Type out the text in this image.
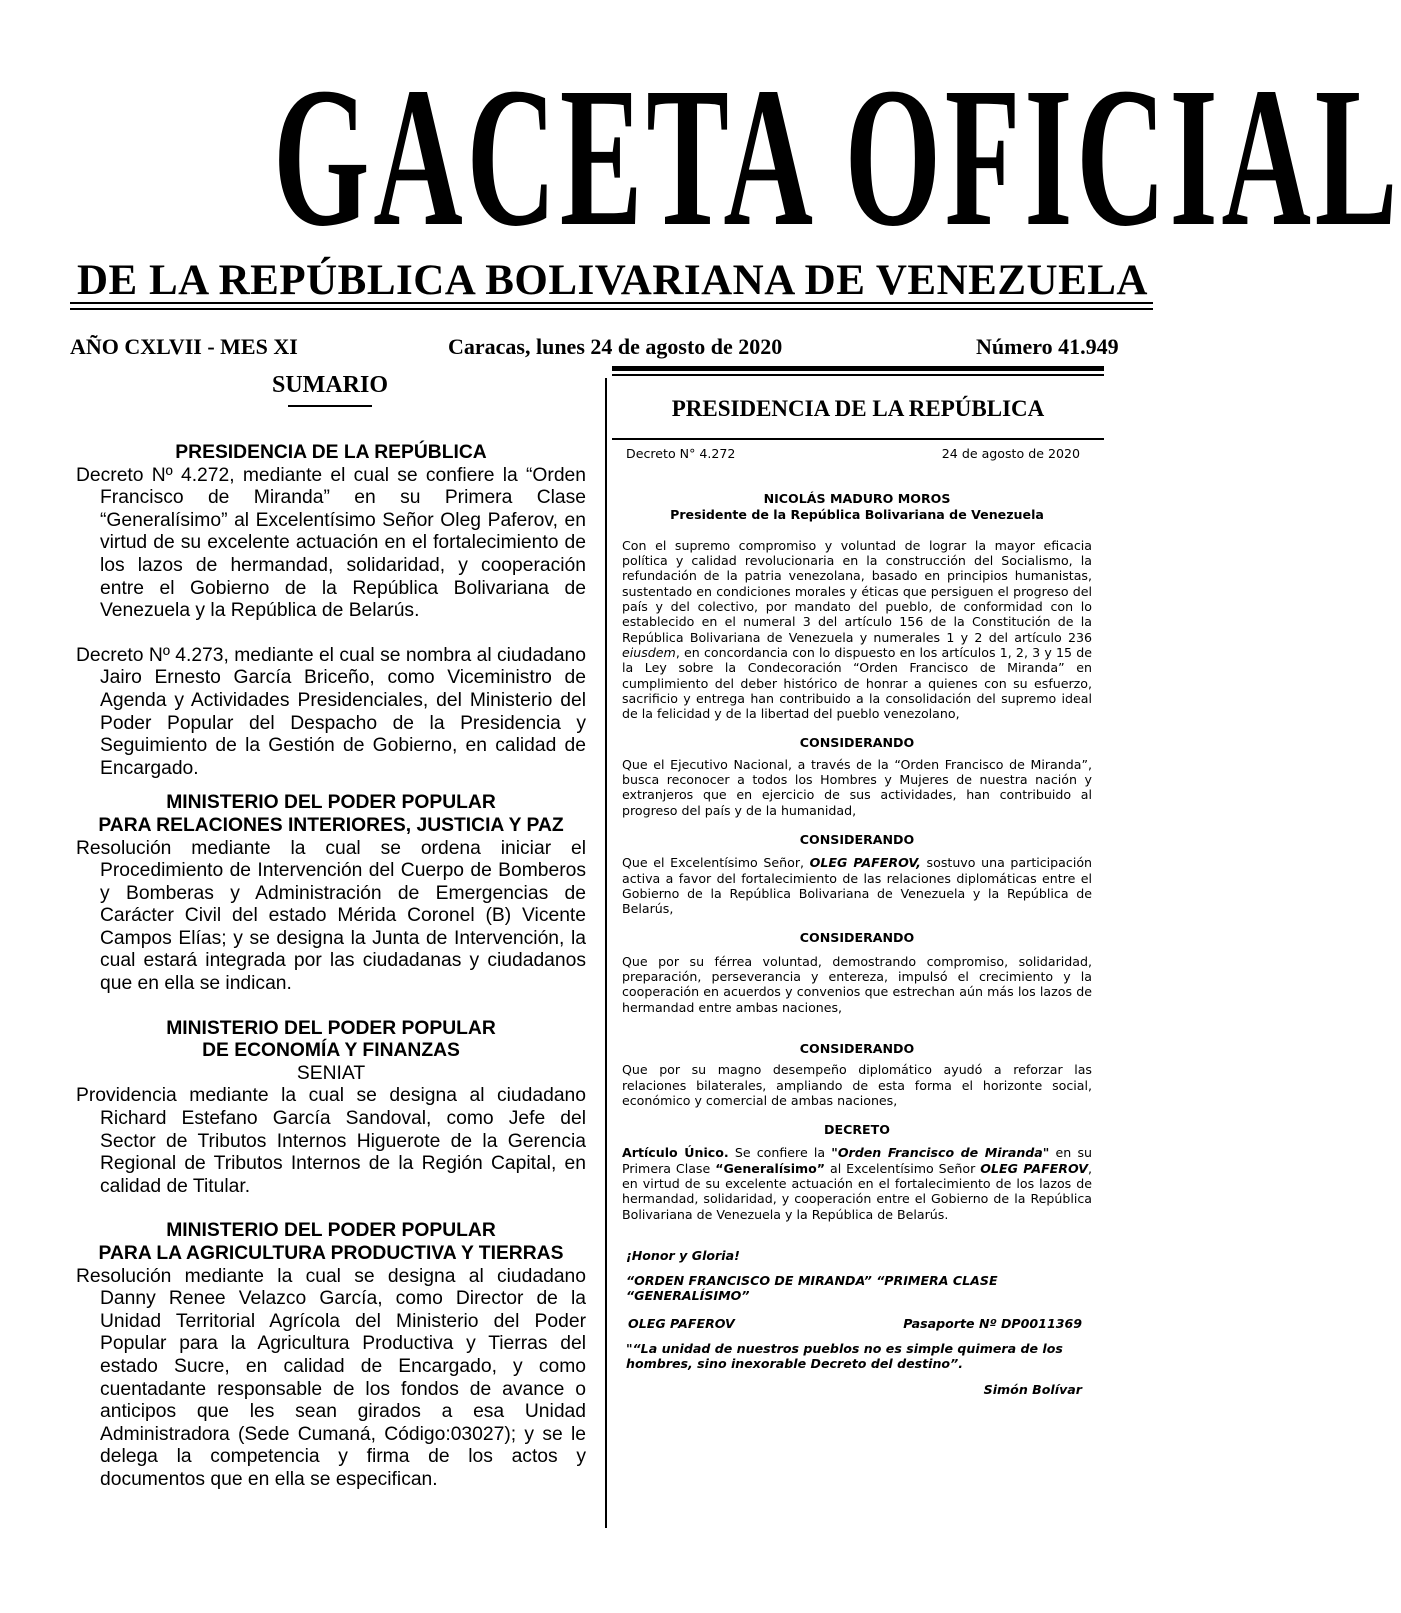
GACETA OFICIAL
DE LA REPÚBLICA BOLIVARIANA DE VENEZUELA
AÑO CXLVII - MES XI	Caracas, lunes 24 de agosto de 2020	Número 41.949
SUMARIO
PRESIDENCIA DE LA REPÚBLICA

Decreto Nº 4.272, mediante el cual se confiere la “Orden Francisco de Miranda” en su Primera Clase “Generalísimo” al Excelentísimo Señor Oleg Paferov, en virtud de su excelente actuación en el fortalecimiento de los lazos de hermandad, solidaridad, y cooperación entre el Gobierno de la República Bolivariana de Venezuela y la República de Belarús.

Decreto Nº 4.273, mediante el cual se nombra al ciudadano Jairo Ernesto García Briceño, como Viceministro de Agenda y Actividades Presidenciales, del Ministerio del Poder Popular del Despacho de la Presidencia y Seguimiento de la Gestión de Gobierno, en calidad de Encargado.

MINISTERIO DEL PODER POPULAR
PARA RELACIONES INTERIORES, JUSTICIA Y PAZ

Resolución mediante la cual se ordena iniciar el Procedimiento de Intervención del Cuerpo de Bomberos y Bomberas y Administración de Emergencias de Carácter Civil del estado Mérida Coronel (B) Vicente Campos Elías; y se designa la Junta de Intervención, la cual estará integrada por las ciudadanas y ciudadanos que en ella se indican.

MINISTERIO DEL PODER POPULAR
DE ECONOMÍA Y FINANZAS
SENIAT

Providencia mediante la cual se designa al ciudadano Richard Estefano García Sandoval, como Jefe del Sector de Tributos Internos Higuerote de la Gerencia Regional de Tributos Internos de la Región Capital, en calidad de Titular.

MINISTERIO DEL PODER POPULAR
PARA LA AGRICULTURA PRODUCTIVA Y TIERRAS

Resolución mediante la cual se designa al ciudadano Danny Renee Velazco García, como Director de la Unidad Territorial Agrícola del Ministerio del Poder Popular para la Agricultura Productiva y Tierras del estado Sucre, en calidad de Encargado, y como cuentadante responsable de los fondos de avance o anticipos que les sean girados a esa Unidad Administradora (Sede Cumaná, Código:03027); y se le delega la competencia y firma de los actos y documentos que en ella se especifican.

PRESIDENCIA DE LA REPÚBLICA
Decreto N° 4.272	24 de agosto de 2020
NICOLÁS MADURO MOROS
Presidente de la República Bolivariana de Venezuela

Con el supremo compromiso y voluntad de lograr la mayor eficacia política y calidad revolucionaria en la construcción del Socialismo, la refundación de la patria venezolana, basado en principios humanistas, sustentado en condiciones morales y éticas que persiguen el progreso del país y del colectivo, por mandato del pueblo, de conformidad con lo establecido en el numeral 3 del artículo 156 de la Constitución de la República Bolivariana de Venezuela y numerales 1 y 2 del artículo 236 eiusdem, en concordancia con lo dispuesto en los artículos 1, 2, 3 y 15 de la Ley sobre la Condecoración “Orden Francisco de Miranda” en cumplimiento del deber histórico de honrar a quienes con su esfuerzo, sacrificio y entrega han contribuido a la consolidación del supremo ideal de la felicidad y de la libertad del pueblo venezolano,

CONSIDERANDO

Que el Ejecutivo Nacional, a través de la “Orden Francisco de Miranda”, busca reconocer a todos los Hombres y Mujeres de nuestra nación y extranjeros que en ejercicio de sus actividades, han contribuido al progreso del país y de la humanidad,

CONSIDERANDO

Que el Excelentísimo Señor, OLEG PAFEROV, sostuvo una participación activa a favor del fortalecimiento de las relaciones diplomáticas entre el Gobierno de la República Bolivariana de Venezuela y la República de Belarús,

CONSIDERANDO

Que por su férrea voluntad, demostrando compromiso, solidaridad, preparación, perseverancia y entereza, impulsó el crecimiento y la cooperación en acuerdos y convenios que estrechan aún más los lazos de hermandad entre ambas naciones,

CONSIDERANDO

Que por su magno desempeño diplomático ayudó a reforzar las relaciones bilaterales, ampliando de esta forma el horizonte social, económico y comercial de ambas naciones,

DECRETO

Artículo Único. Se confiere la "Orden Francisco de Miranda" en su Primera Clase “Generalísimo” al Excelentísimo Señor OLEG PAFEROV, en virtud de su excelente actuación en el fortalecimiento de los lazos de hermandad, solidaridad, y cooperación entre el Gobierno de la República Bolivariana de Venezuela y la República de Belarús.

¡Honor y Gloria!
“ORDEN FRANCISCO DE MIRANDA” “PRIMERA CLASE “GENERALÍSIMO”
OLEG PAFEROV	Pasaporte Nº DP0011369
"“La unidad de nuestros pueblos no es simple quimera de los hombres, sino inexorable Decreto del destino”.
Simón Bolívar
